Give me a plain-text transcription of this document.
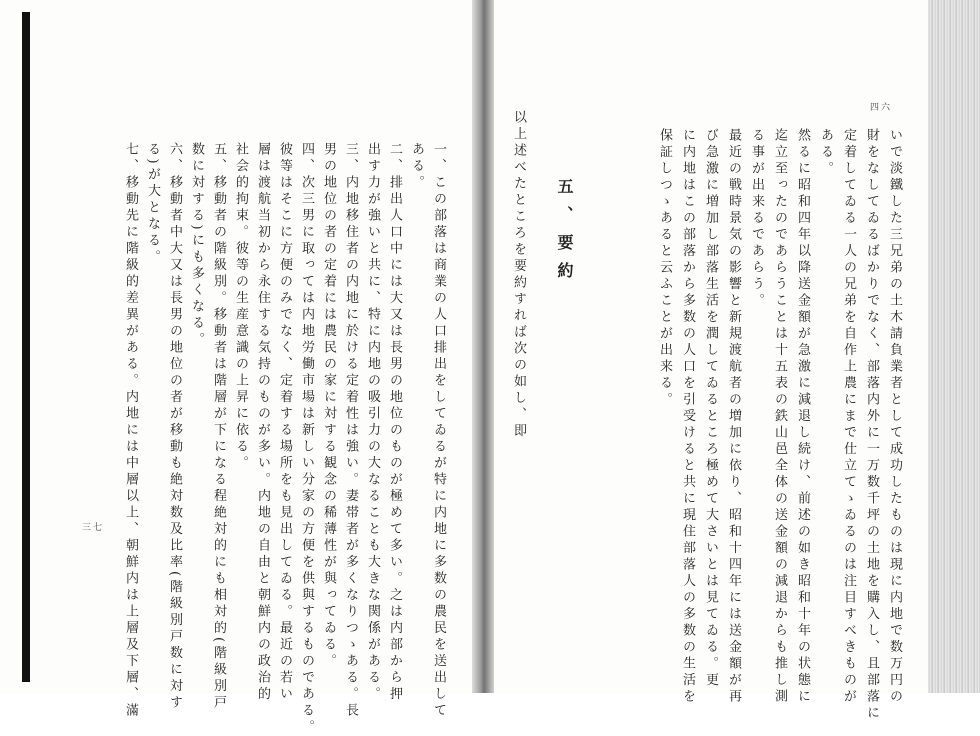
四六
いで淡鐵した三兄弟の土木請負業者として成功したものは現に内地で数万円の
財をなしてゐるばかりでなく、部落内外に一万数千坪の土地を購入し、且部落に
定着してゐる一人の兄弟を自作上農にまで仕立てゝゐるのは注目すべきものが
ある。
然るに昭和四年以降送金額が急激に減退し続け、前述の如き昭和十年の状態に
迄立至ったのであらうことは十五表の鉄山邑全体の送金額の減退からも推し測
る事が出来るであらう。
最近の戦時景気の影響と新規渡航者の増加に依り、昭和十四年には送金額が再
び急激に増加し部落生活を潤してゐるところ極めて大さいとは見てゐる。更
に内地はこの部落から多数の人口を引受けると共に現住部落人の多数の生活を
保証しつゝあると云ふことが出来る。
五、要約
以上述べたところを要約すれば次の如し、即
一、この部落は商業の人口排出をしてゐるが特に内地に多数の農民を送出して
ある。
二、排出人口中には大又は長男の地位のものが極めて多い。之は内部から押
出す力が強いと共に、特に内地の吸引力の大なることも大きな関係がある。
三、内地移住者の内地に於ける定着性は強い。妻帯者が多くなりつゝある。長
男の地位の者の定着には農民の家に対する観念の稀薄性が與ってゐる。
四、次三男に取っては内地労働市場は新しい分家の方便を供與するものである。
彼等はそこに方便のみでなく、定着する場所をも見出してゐる。最近の若い
層は渡航当初から永住する気持のものが多い。内地の自由と朝鮮内の政治的
社会的拘束。彼等の生産意識の上昇に依る。
五、移動者の階級別。移動者は階層が下になる程絶対的にも相対的(階級別戸
数に対する)にも多くなる。
六、移動者中大又は長男の地位の者が移動も絶対数及比率(階級別戸数に対す
る)が大となる。
七、移動先に階級的差異がある。内地には中層以上、朝鮮内は上層及下層、滿
三七
